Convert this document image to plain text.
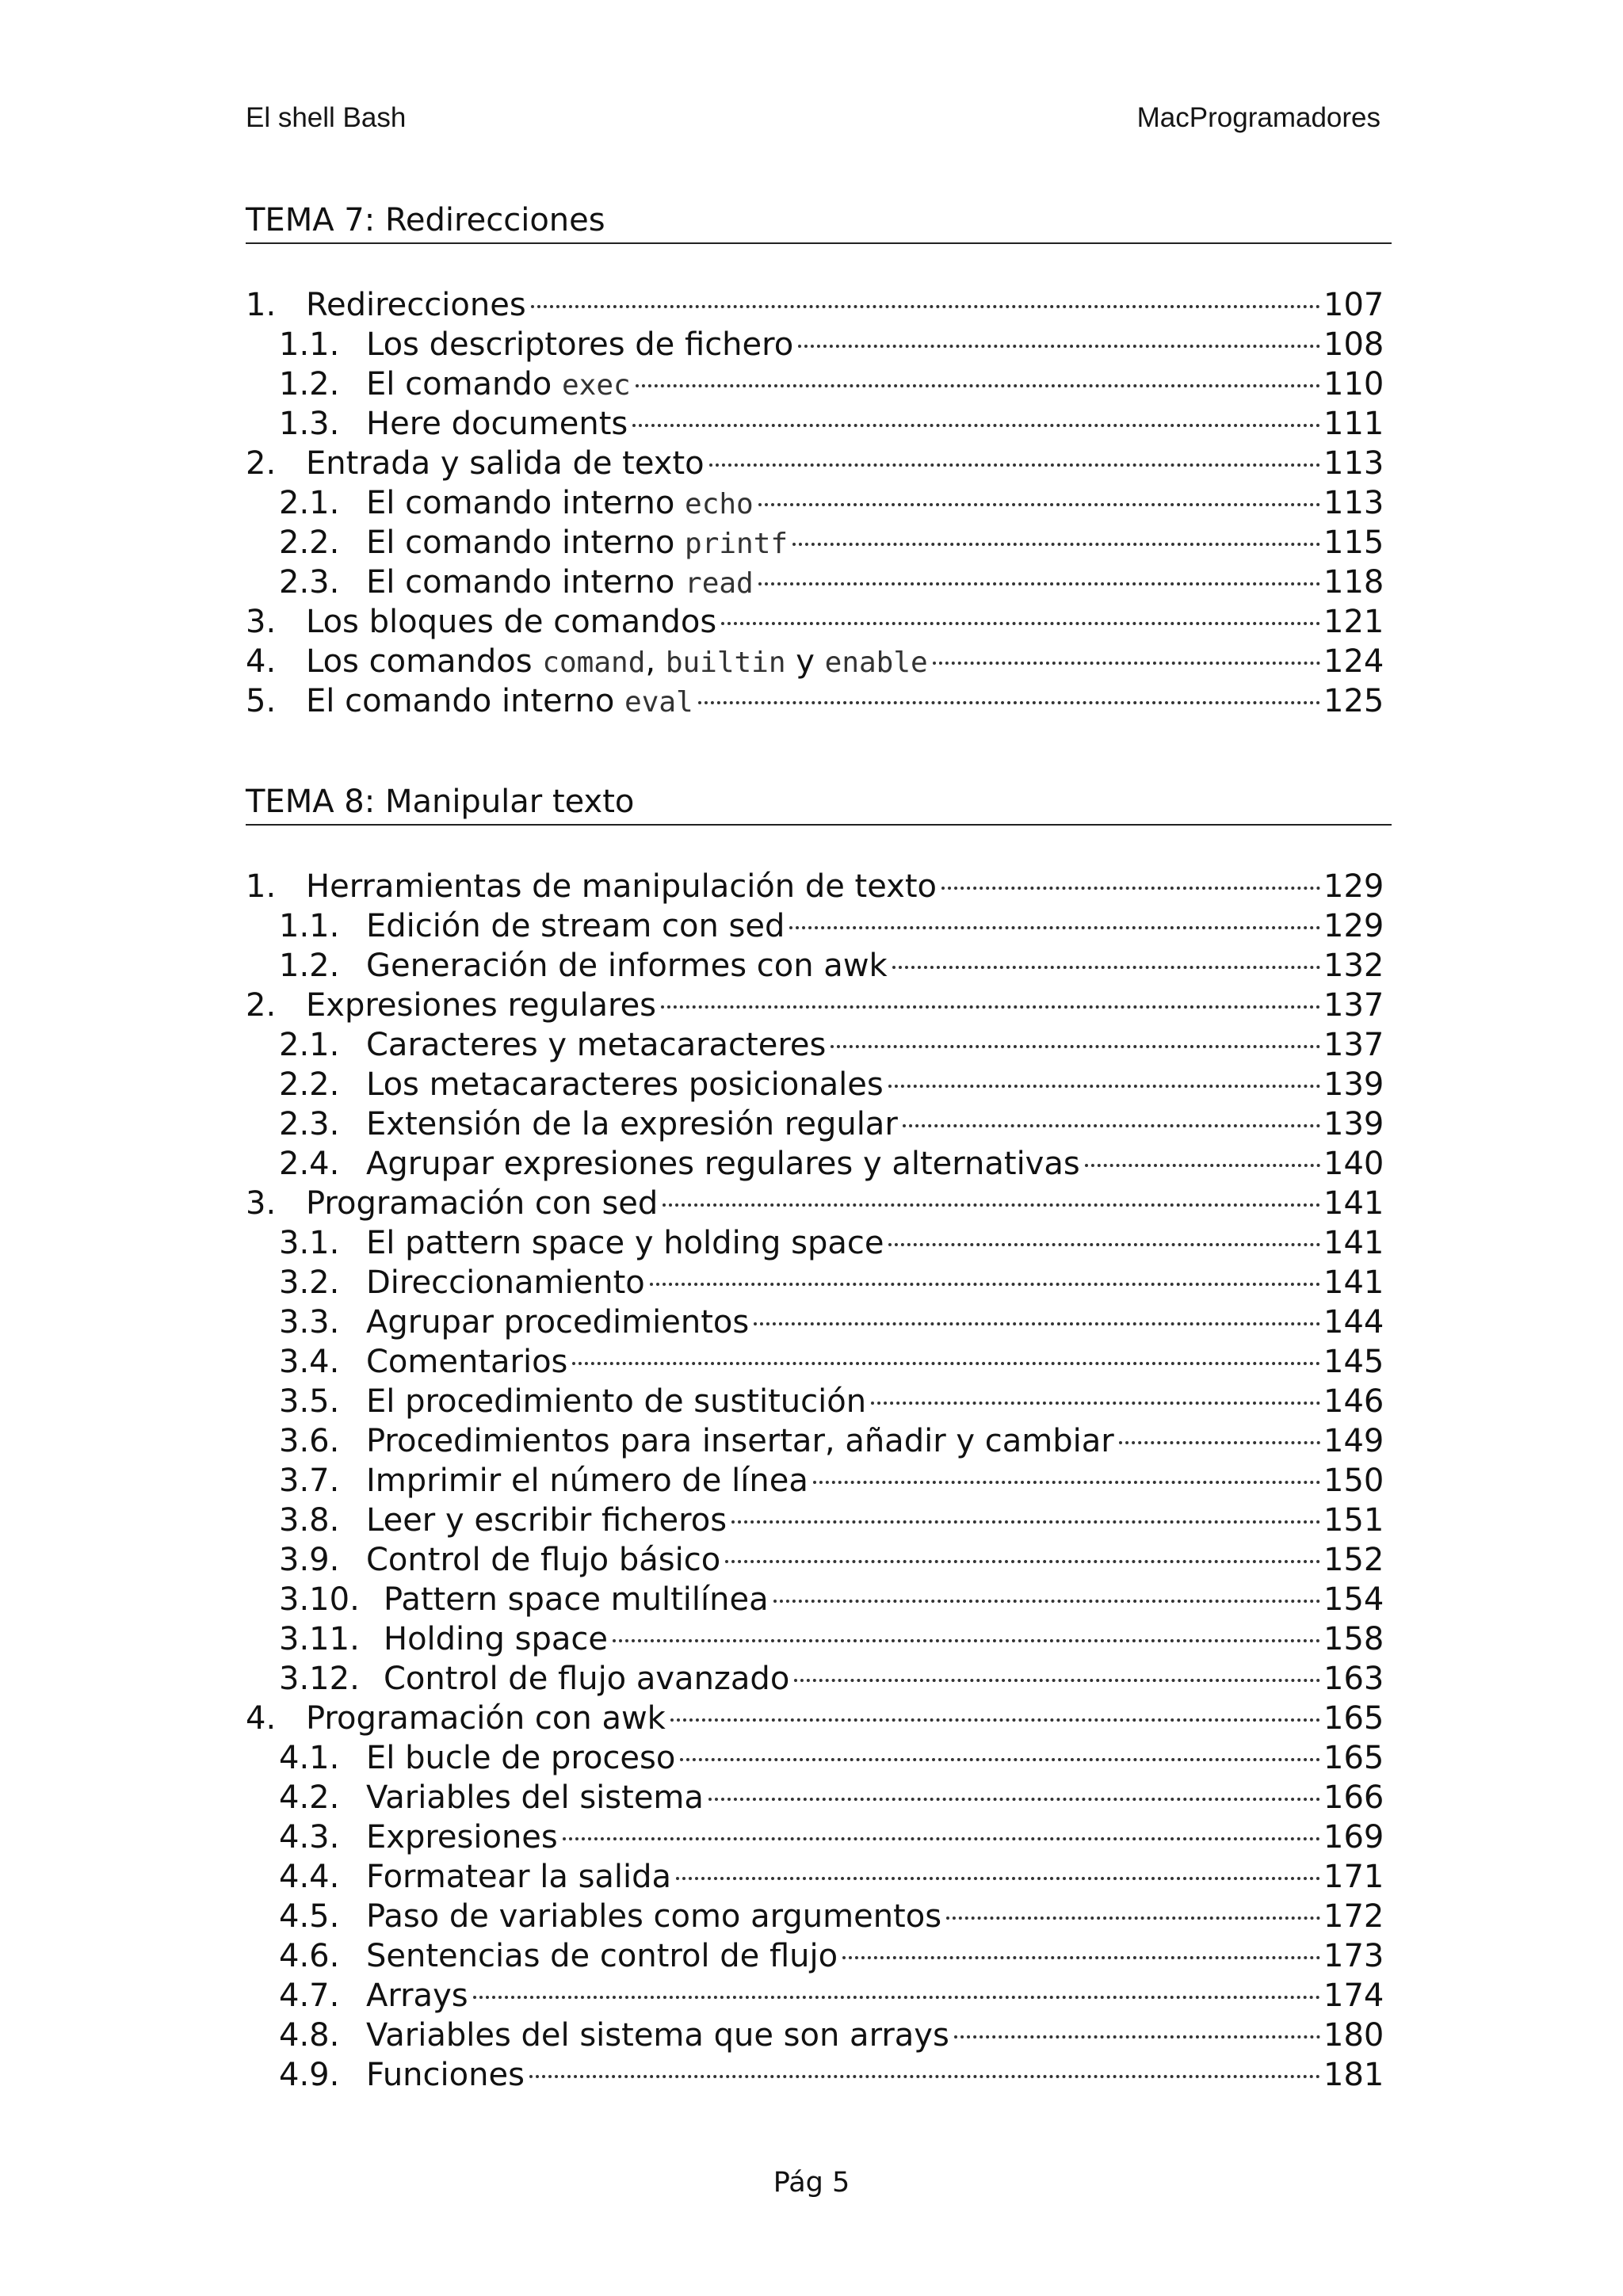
El shell Bash	MacProgramadores
TEMA 7: Redirecciones
1. Redirecciones	107
1.1. Los descriptores de fichero	108
1.2. El comando exec	110
1.3. Here documents	111
2. Entrada y salida de texto	113
2.1. El comando interno echo	113
2.2. El comando interno printf	115
2.3. El comando interno read	118
3. Los bloques de comandos	121
4. Los comandos comand, builtin y enable	124
5. El comando interno eval	125
TEMA 8: Manipular texto
1. Herramientas de manipulación de texto	129
1.1. Edición de stream con sed	129
1.2. Generación de informes con awk	132
2. Expresiones regulares	137
2.1. Caracteres y metacaracteres	137
2.2. Los metacaracteres posicionales	139
2.3. Extensión de la expresión regular	139
2.4. Agrupar expresiones regulares y alternativas	140
3. Programación con sed	141
3.1. El pattern space y holding space	141
3.2. Direccionamiento	141
3.3. Agrupar procedimientos	144
3.4. Comentarios	145
3.5. El procedimiento de sustitución	146
3.6. Procedimientos para insertar, añadir y cambiar	149
3.7. Imprimir el número de línea	150
3.8. Leer y escribir ficheros	151
3.9. Control de flujo básico	152
3.10. Pattern space multilínea	154
3.11. Holding space	158
3.12. Control de flujo avanzado	163
4. Programación con awk	165
4.1. El bucle de proceso	165
4.2. Variables del sistema	166
4.3. Expresiones	169
4.4. Formatear la salida	171
4.5. Paso de variables como argumentos	172
4.6. Sentencias de control de flujo	173
4.7. Arrays	174
4.8. Variables del sistema que son arrays	180
4.9. Funciones	181
Pág 5
